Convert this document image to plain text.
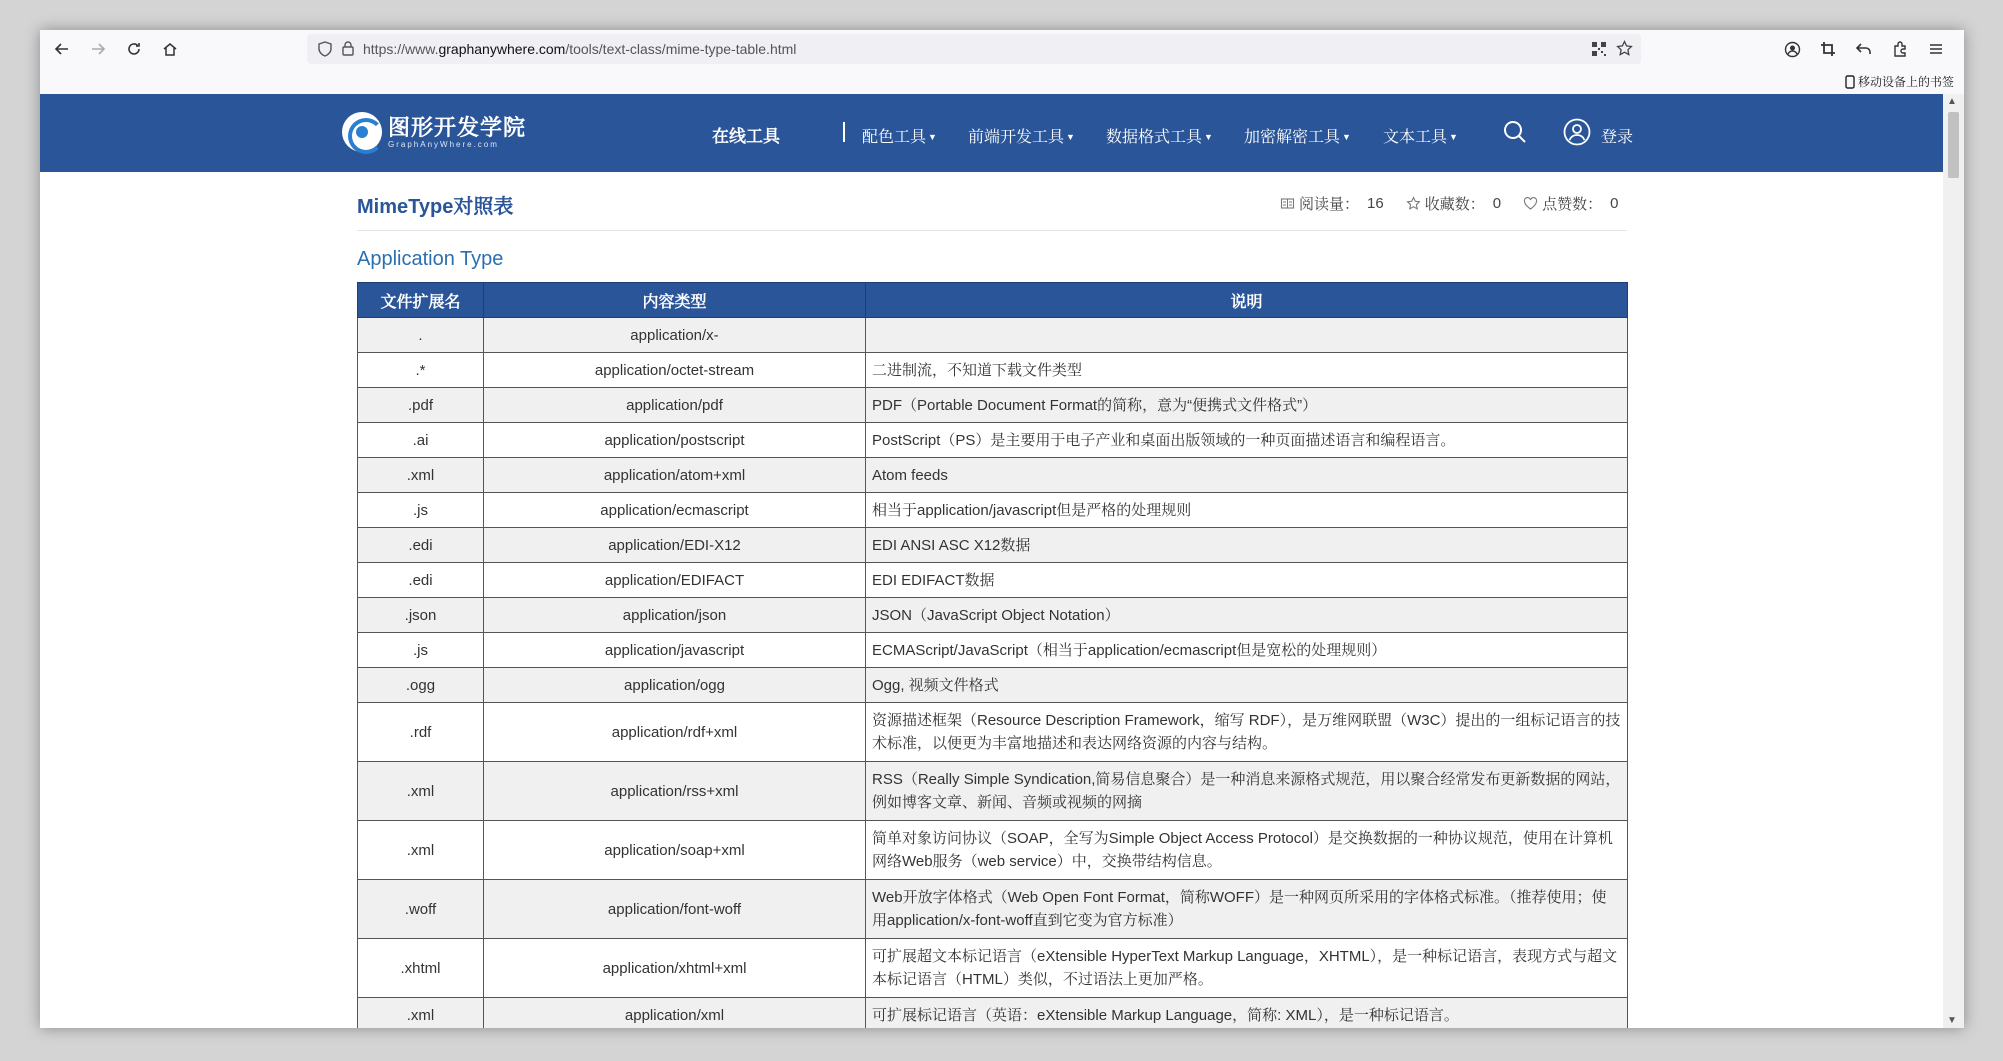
https://www.graphanywhere.com/tools/text-class/mime-type-table.html
移动设备上的书签
图形开发学院
GraphAnyWhere.com	在线工具	配色工具 ▼ 前端开发工具 ▼ 数据格式工具 ▼ 加密解密工具 ▼ 文本工具 ▼	登录
MimeType对照表	阅读量： 16	收藏数： 0	点赞数： 0
Application Type
文件扩展名	内容类型	说明
.	application/x-	
.*	application/octet-stream	二进制流，不知道下载文件类型
.pdf	application/pdf	PDF（Portable Document Format的简称，意为“便携式文件格式”）
.ai	application/postscript	PostScript（PS）是主要用于电子产业和桌面出版领域的一种页面描述语言和编程语言。
.xml	application/atom+xml	Atom feeds
.js	application/ecmascript	相当于application/javascript但是严格的处理规则
.edi	application/EDI-X12	EDI ANSI ASC X12数据
.edi	application/EDIFACT	EDI EDIFACT数据
.json	application/json	JSON（JavaScript Object Notation）
.js	application/javascript	ECMAScript/JavaScript（相当于application/ecmascript但是宽松的处理规则）
.ogg	application/ogg	Ogg, 视频文件格式
.rdf	application/rdf+xml	资源描述框架（Resource Description Framework，缩写 RDF），是万维网联盟（W3C）提出的一组标记语言的技术标准，以便更为丰富地描述和表达网络资源的内容与结构。
.xml	application/rss+xml	RSS（Really Simple Syndication,简易信息聚合）是一种消息来源格式规范，用以聚合经常发布更新数据的网站，例如博客文章、新闻、音频或视频的网摘
.xml	application/soap+xml	简单对象访问协议（SOAP，全写为Simple Object Access Protocol）是交换数据的一种协议规范，使用在计算机网络Web服务（web service）中，交换带结构信息。
.woff	application/font-woff	Web开放字体格式（Web Open Font Format，简称WOFF）是一种网页所采用的字体格式标准。（推荐使用；使用application/x-font-woff直到它变为官方标准）
.xhtml	application/xhtml+xml	可扩展超文本标记语言（eXtensible HyperText Markup Language，XHTML），是一种标记语言，表现方式与超文本标记语言（HTML）类似，不过语法上更加严格。
.xml	application/xml	可扩展标记语言（英语：eXtensible Markup Language，简称: XML），是一种标记语言。
▲
▼
